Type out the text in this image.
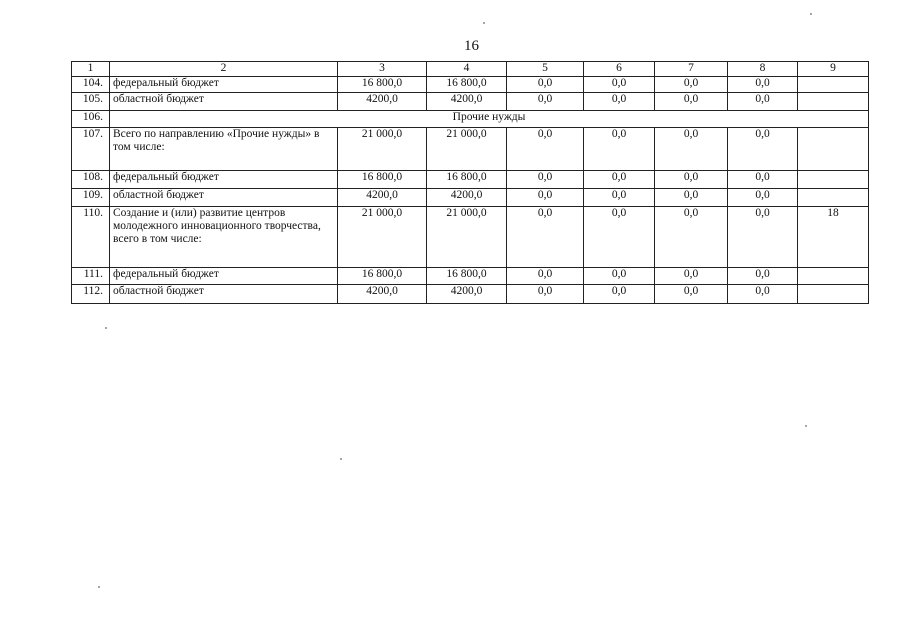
16
1	2	3	4	5	6	7	8	9
104.	федеральный бюджет	16 800,0	16 800,0	0,0	0,0	0,0	0,0	
105.	областной бюджет	4200,0	4200,0	0,0	0,0	0,0	0,0	
106.	Прочие нужды							
107.	Всего по направлению «Прочие нужды» в том числе:	21 000,0	21 000,0	0,0	0,0	0,0	0,0	
108.	федеральный бюджет	16 800,0	16 800,0	0,0	0,0	0,0	0,0	
109.	областной бюджет	4200,0	4200,0	0,0	0,0	0,0	0,0	
110.	Создание и (или) развитие центров молодежного инновационного творчества, всего в том числе:	21 000,0	21 000,0	0,0	0,0	0,0	0,0	18
111.	федеральный бюджет	16 800,0	16 800,0	0,0	0,0	0,0	0,0	
112.	областной бюджет	4200,0	4200,0	0,0	0,0	0,0	0,0	
